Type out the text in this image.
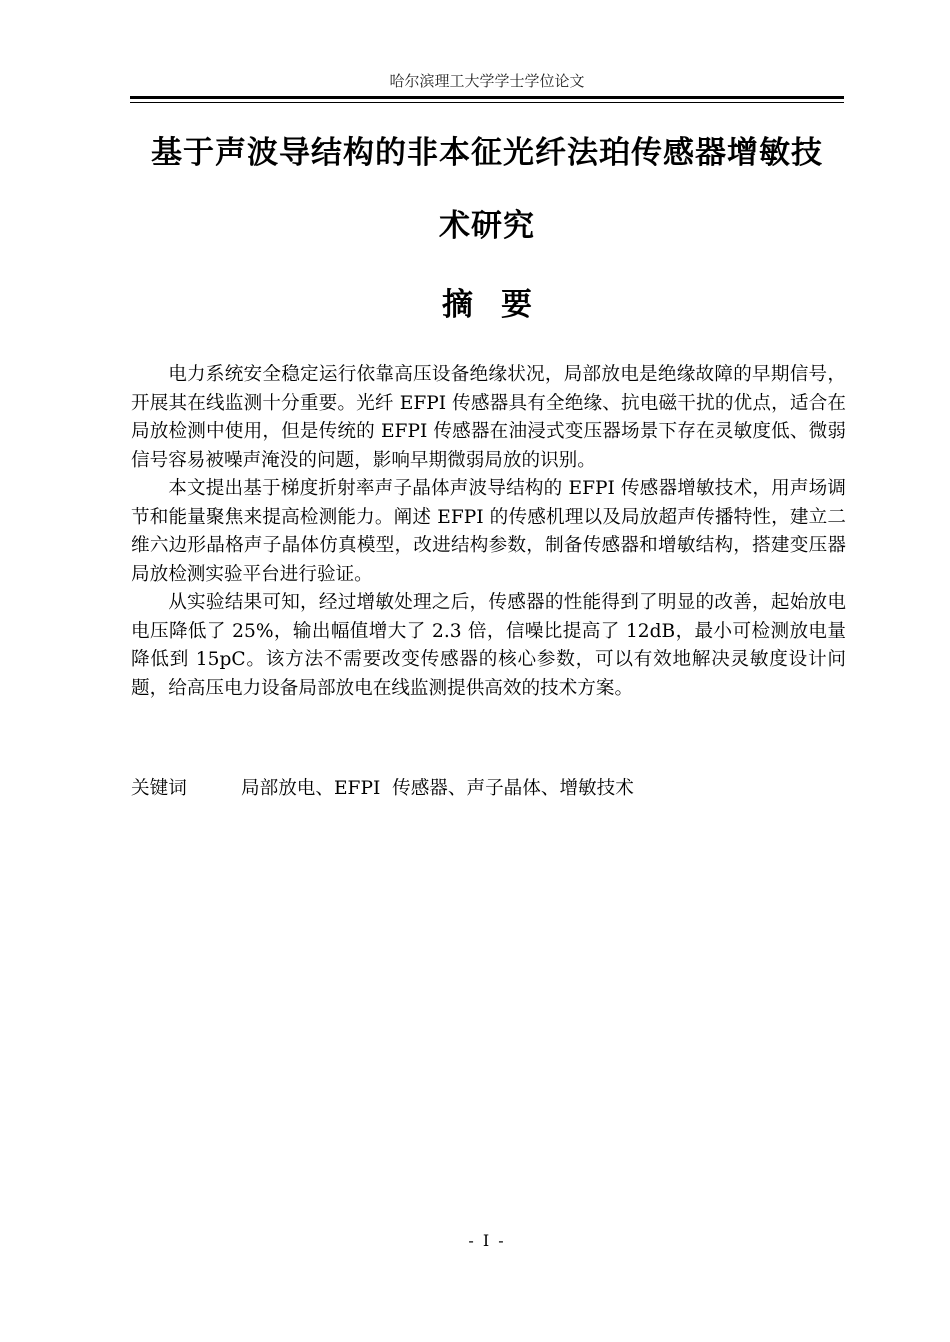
哈尔滨理工大学学士学位论文
基于声波导结构的非本征光纤法珀传感器增敏技
术研究
摘要

电力系统安全稳定运行依靠高压设备绝缘状况，局部放电是绝缘故障的早期信号，开展其在线监测十分重要。光纤 EFPI 传感器具有全绝缘、抗电磁干扰的优点，适合在局放检测中使用，但是传统的 EFPI 传感器在油浸式变压器场景下存在灵敏度低、微弱信号容易被噪声淹没的问题，影响早期微弱局放的识别。

本文提出基于梯度折射率声子晶体声波导结构的 EFPI 传感器增敏技术，用声场调节和能量聚焦来提高检测能力。阐述 EFPI 的传感机理以及局放超声传播特性，建立二维六边形晶格声子晶体仿真模型，改进结构参数，制备传感器和增敏结构，搭建变压器局放检测实验平台进行验证。

从实验结果可知，经过增敏处理之后，传感器的性能得到了明显的改善，起始放电电压降低了 25%，输出幅值增大了 2.3 倍，信噪比提高了 12dB，最小可检测放电量降低到 15pC。该方法不需要改变传感器的核心参数，可以有效地解决灵敏度设计问题，给高压电力设备局部放电在线监测提供高效的技术方案。

关键词	局部放电、EFPI  传感器、声子晶体、增敏技术
- I -
